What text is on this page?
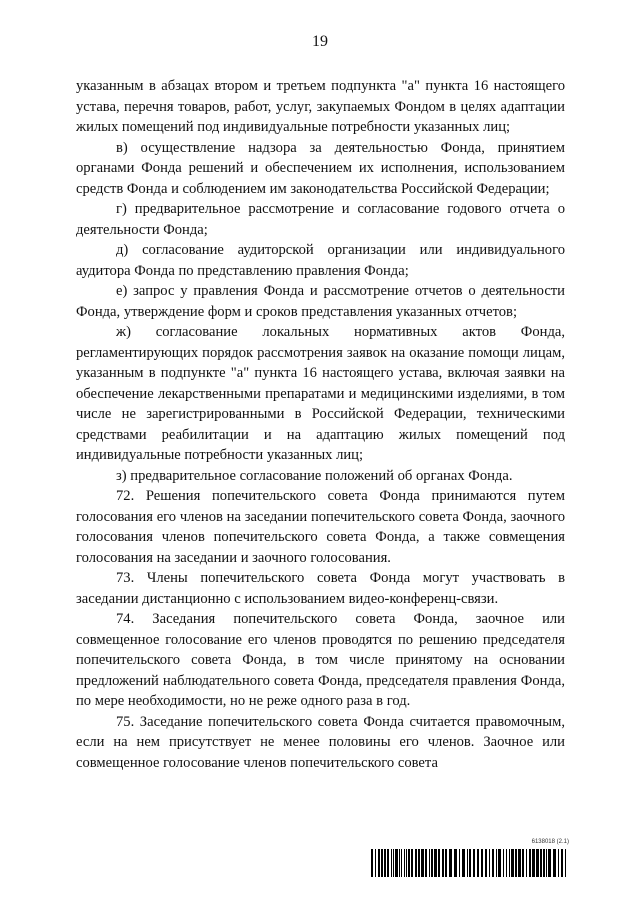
19

указанным в абзацах втором и третьем подпункта "а" пункта 16 настоящего устава, перечня товаров, работ, услуг, закупаемых Фондом в целях адаптации жилых помещений под индивидуальные потребности указанных лиц;

в) осуществление надзора за деятельностью Фонда, принятием органами Фонда решений и обеспечением их исполнения, использованием средств Фонда и соблюдением им законодательства Российской Федерации;

г) предварительное рассмотрение и согласование годового отчета о деятельности Фонда;

д) согласование аудиторской организации или индивидуального аудитора Фонда по представлению правления Фонда;

е) запрос у правления Фонда и рассмотрение отчетов о деятельности Фонда, утверждение форм и сроков представления указанных отчетов;

ж) согласование локальных нормативных актов Фонда, регламентирующих порядок рассмотрения заявок на оказание помощи лицам, указанным в подпункте "а" пункта 16 настоящего устава, включая заявки на обеспечение лекарственными препаратами и медицинскими изделиями, в том числе не зарегистрированными в Российской Федерации, техническими средствами реабилитации и на адаптацию жилых помещений под индивидуальные потребности указанных лиц;

з) предварительное согласование положений об органах Фонда.

72. Решения попечительского совета Фонда принимаются путем голосования его членов на заседании попечительского совета Фонда, заочного голосования членов попечительского совета Фонда, а также совмещения голосования на заседании и заочного голосования.

73. Члены попечительского совета Фонда могут участвовать в заседании дистанционно с использованием видео-конференц-связи.

74. Заседания попечительского совета Фонда, заочное или совмещенное голосование его членов проводятся по решению председателя попечительского совета Фонда, в том числе принятому на основании предложений наблюдательного совета Фонда, председателя правления Фонда, по мере необходимости, но не реже одного раза в год.

75. Заседание попечительского совета Фонда считается правомочным, если на нем присутствует не менее половины его членов. Заочное или совмещенное голосование членов попечительского совета

6138018 (2.1)
